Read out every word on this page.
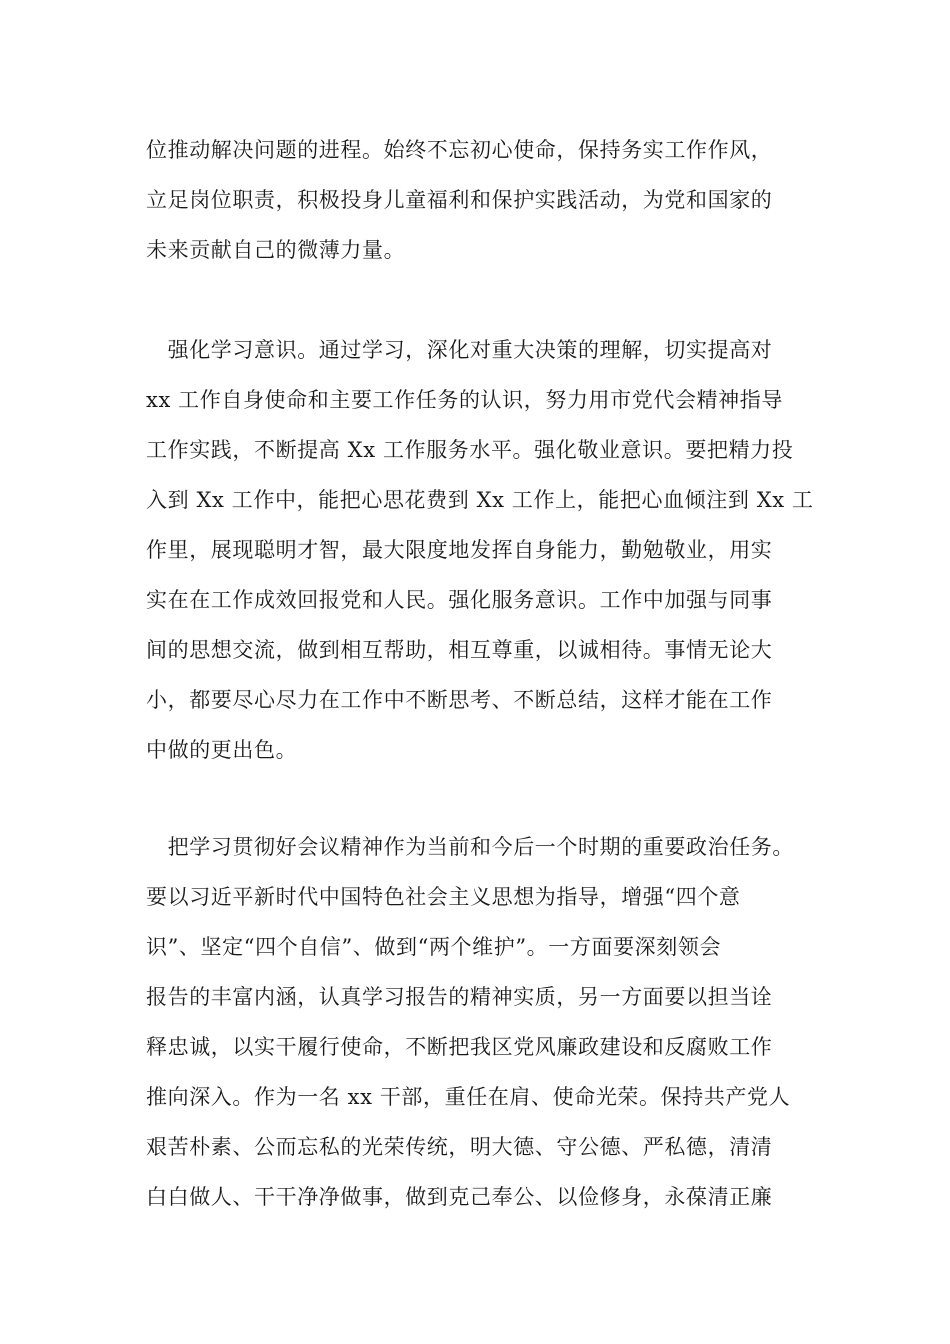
位推动解决问题的进程。始终不忘初心使命，保持务实工作作风，
立足岗位职责，积极投身儿童福利和保护实践活动，为党和国家的
未来贡献自己的微薄力量。
　强化学习意识。通过学习，深化对重大决策的理解，切实提高对
xx 工作自身使命和主要工作任务的认识，努力用市党代会精神指导
工作实践，不断提高 Xx 工作服务水平。强化敬业意识。要把精力投
入到 Xx 工作中，能把心思花费到 Xx 工作上，能把心血倾注到 Xx 工
作里，展现聪明才智，最大限度地发挥自身能力，勤勉敬业，用实
实在在工作成效回报党和人民。强化服务意识。工作中加强与同事
间的思想交流，做到相互帮助，相互尊重，以诚相待。事情无论大
小，都要尽心尽力在工作中不断思考、不断总结，这样才能在工作
中做的更出色。
　把学习贯彻好会议精神作为当前和今后一个时期的重要政治任务。
要以习近平新时代中国特色社会主义思想为指导，增强“四个意
识”、坚定“四个自信”、做到“两个维护”。一方面要深刻领会
报告的丰富内涵，认真学习报告的精神实质，另一方面要以担当诠
释忠诚，以实干履行使命，不断把我区党风廉政建设和反腐败工作
推向深入。作为一名 xx 干部，重任在肩、使命光荣。保持共产党人
艰苦朴素、公而忘私的光荣传统，明大德、守公德、严私德，清清
白白做人、干干净净做事，做到克己奉公、以俭修身，永葆清正廉
